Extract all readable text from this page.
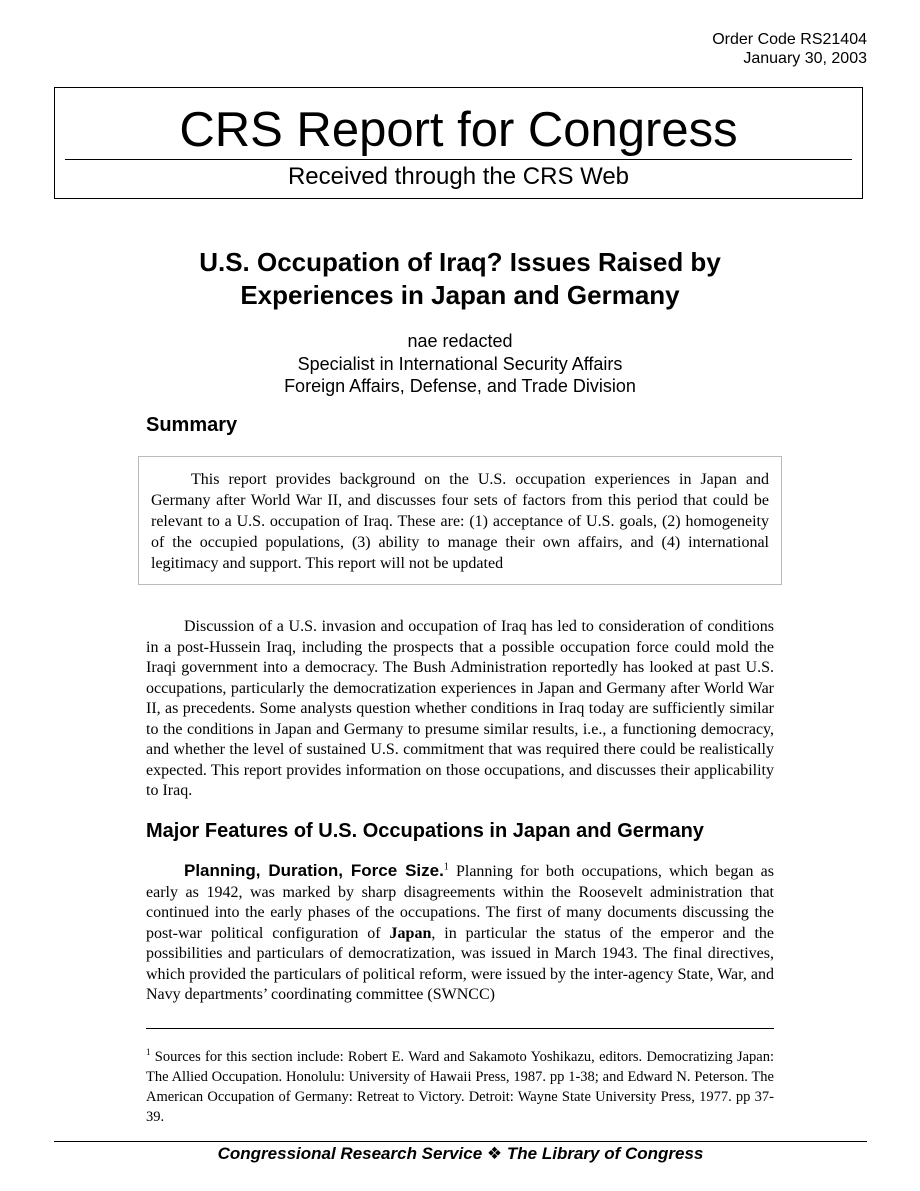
Order Code RS21404
January 30, 2003
CRS Report for Congress
Received through the CRS Web
U.S. Occupation of Iraq? Issues Raised by
Experiences in Japan and Germany
nae redacted
Specialist in International Security Affairs
Foreign Affairs, Defense, and Trade Division
Summary

This report provides background on the U.S. occupation experiences in Japan and Germany after World War II, and discusses four sets of factors from this period that could be relevant to a U.S. occupation of Iraq. These are: (1) acceptance of U.S. goals, (2) homogeneity of the occupied populations, (3) ability to manage their own affairs, and (4) international legitimacy and support. This report will not be updated

Discussion of a U.S. invasion and occupation of Iraq has led to consideration of conditions in a post-Hussein Iraq, including the prospects that a possible occupation force could mold the Iraqi government into a democracy. The Bush Administration reportedly has looked at past U.S. occupations, particularly the democratization experiences in Japan and Germany after World War II, as precedents. Some analysts question whether conditions in Iraq today are sufficiently similar to the conditions in Japan and Germany to presume similar results, i.e., a functioning democracy, and whether the level of sustained U.S. commitment that was required there could be realistically expected. This report provides information on those occupations, and discusses their applicability to Iraq.

Major Features of U.S. Occupations in Japan and Germany

Planning, Duration, Force Size.$^1$ Planning for both occupations, which began as early as 1942, was marked by sharp disagreements within the Roosevelt administration that continued into the early phases of the occupations. The first of many documents discussing the post-war political configuration of Japan, in particular the status of the emperor and the possibilities and particulars of democratization, was issued in March 1943. The final directives, which provided the particulars of political reform, were issued by the inter-agency State, War, and Navy departments’ coordinating committee (SWNCC)

$^1$ Sources for this section include: Robert E. Ward and Sakamoto Yoshikazu, editors. Democratizing Japan: The Allied Occupation. Honolulu: University of Hawaii Press, 1987. pp 1-38; and Edward N. Peterson. The American Occupation of Germany: Retreat to Victory. Detroit: Wayne State University Press, 1977. pp 37-39.

Congressional Research Service ❖ The Library of Congress
